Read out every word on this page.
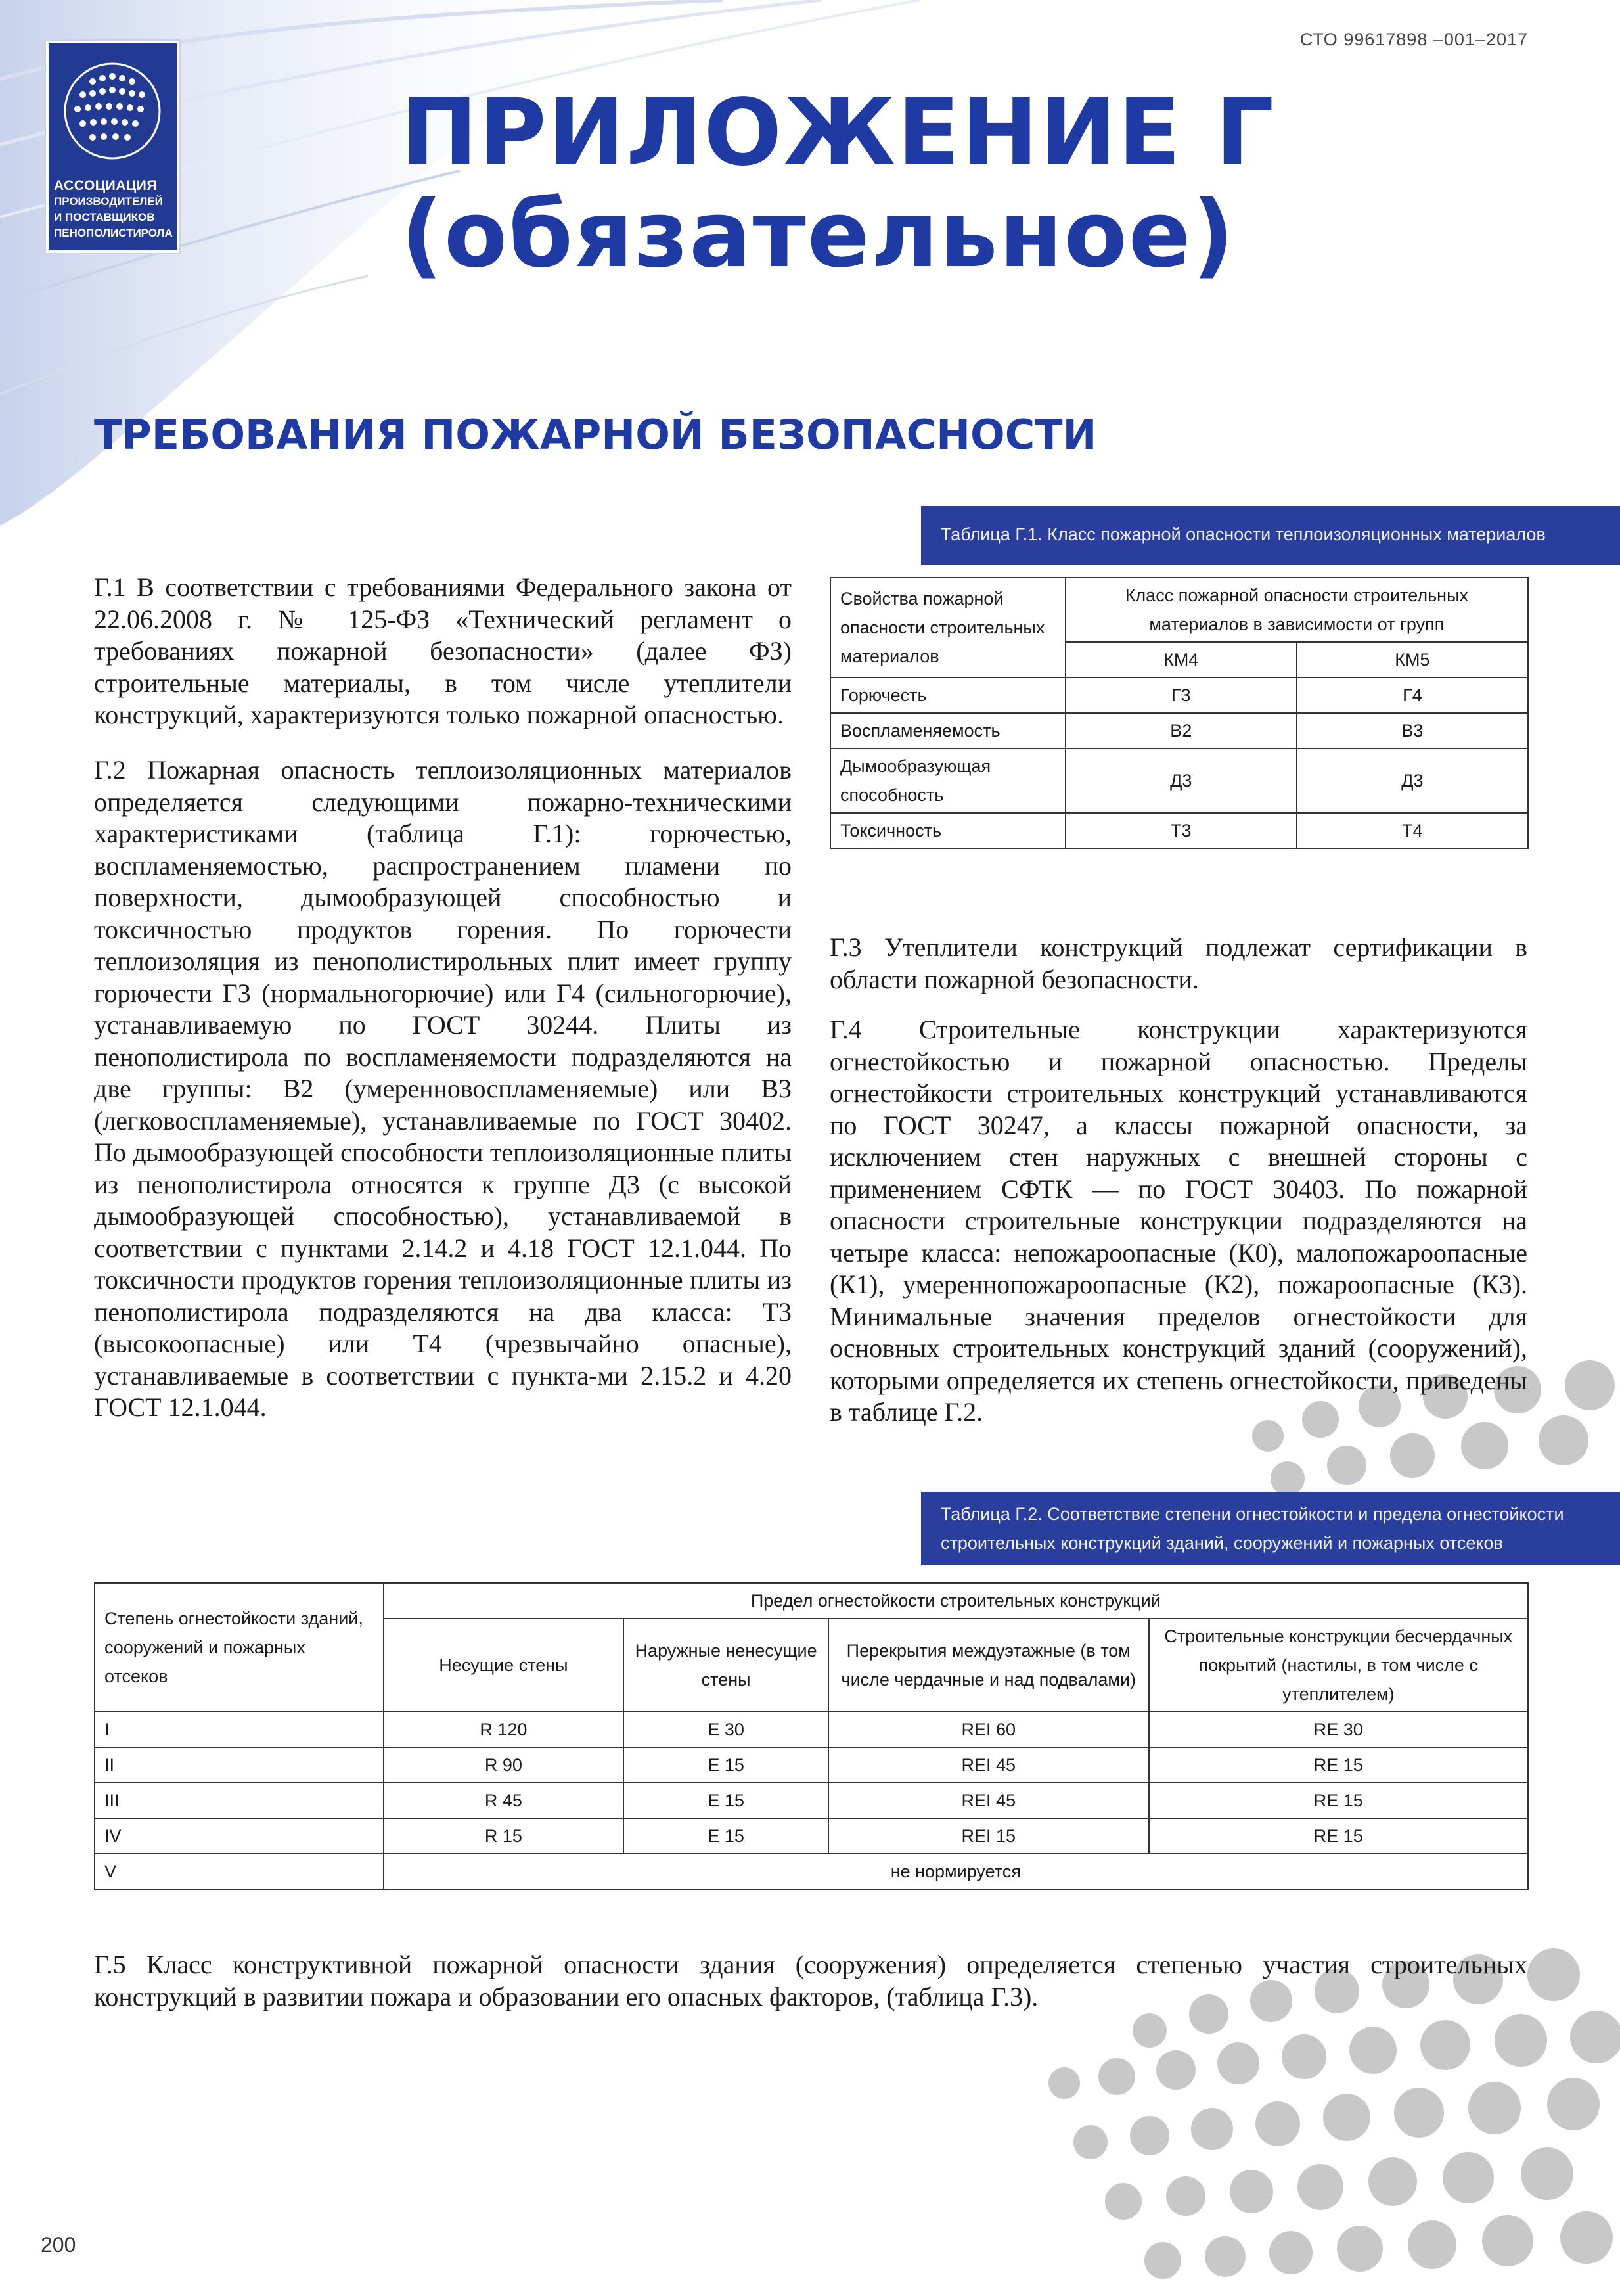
АССОЦИАЦИЯ
ПРОИЗВОДИТЕЛЕЙ
И ПОСТАВЩИКОВ
ПЕНОПОЛИСТИРОЛА
СТО 99617898 –001–2017
ПРИЛОЖЕНИЕ Г
(обязательное)
ТРЕБОВАНИЯ ПОЖАРНОЙ БЕЗОПАСНОСТИ
Таблица Г.1. Класс пожарной опасности теплоизоляционных материалов
Г.1 В соответствии с требованиями Федерального закона от 22.06.2008 г. № 125-ФЗ «Технический регламент о требованиях пожарной безопасности» (далее ФЗ) строительные материалы, в том числе утеплители конструкций, характеризуются только пожарной опасностью.
Г.2 Пожарная опасность теплоизоляционных материалов определяется следующими пожарно-техническими характеристиками (таблица Г.1): горючестью, воспламеняемостью, распространением пламени по поверхности, дымообразующей способностью и токсичностью продуктов горения. По горючести теплоизоляция из пенополистирольных плит имеет группу горючести Г3 (нормальногорючие) или Г4 (сильногорючие), устанавливаемую по ГОСТ 30244. Плиты из пенополистирола по воспламеняемости подразделяются на две группы: В2 (умеренновоспламеняемые) или В3 (легковоспламеняемые), устанавливаемые по ГОСТ 30402. По дымообразующей способности теплоизоляционные плиты из пенополистирола относятся к группе Д3 (с высокой дымообразующей способностью), устанавливаемой в соответствии с пунктами 2.14.2 и 4.18 ГОСТ 12.1.044. По токсичности продуктов горения теплоизоляционные плиты из пенополистирола подразделяются на два класса: Т3 (высокоопасные) или Т4 (чрезвычайно опасные), устанавливаемые в соответствии с пункта-ми 2.15.2 и 4.20 ГОСТ 12.1.044.
Свойства пожарной опасности строительных материалов	Класс пожарной опасности строительных материалов в зависимости от групп	
	КМ4	КМ5
Горючесть	Г3	Г4
Воспламеняемость	В2	В3
Дымообразующая способность	Д3	Д3
Токсичность	Т3	Т4
Г.3 Утеплители конструкций подлежат сертификации в области пожарной безопасности.
Г.4 Строительные конструкции характеризуются огнестойкостью и пожарной опасностью. Пределы огнестойкости строительных конструкций устанавливаются по ГОСТ 30247, а классы пожарной опасности, за исключением стен наружных с внешней стороны с применением СФТК — по ГОСТ 30403. По пожарной опасности строительные конструкции подразделяются на четыре класса: непожароопасные (К0), малопожароопасные (К1), умереннопожароопасные (К2), пожароопасные (К3). Минимальные значения пределов огнестойкости для основных строительных конструкций зданий (сооружений), которыми определяется их степень огнестойкости, приведены в таблице Г.2.
Таблица Г.2. Соответствие степени огнестойкости и предела огнестойкости строительных конструкций зданий, сооружений и пожарных отсеков
Степень огнестойкости зданий, сооружений и пожарных отсеков	Предел огнестойкости строительных конструкций			
	Несущие стены	Наружные ненесущие стены	Перекрытия междуэтажные (в том числе чердачные и над подвалами)	Строительные конструкции бесчердачных покрытий (настилы, в том числе с утеплителем)
I	R 120	E 30	REI 60	RE 30
II	R 90	E 15	REI 45	RE 15
III	R 45	E 15	REI 45	RE 15
IV	R 15	E 15	REI 15	RE 15
V	не нормируется			
Г.5 Класс конструктивной пожарной опасности здания (сооружения) определяется степенью участия строительных конструкций в развитии пожара и образовании его опасных факторов, (таблица Г.3).
200
